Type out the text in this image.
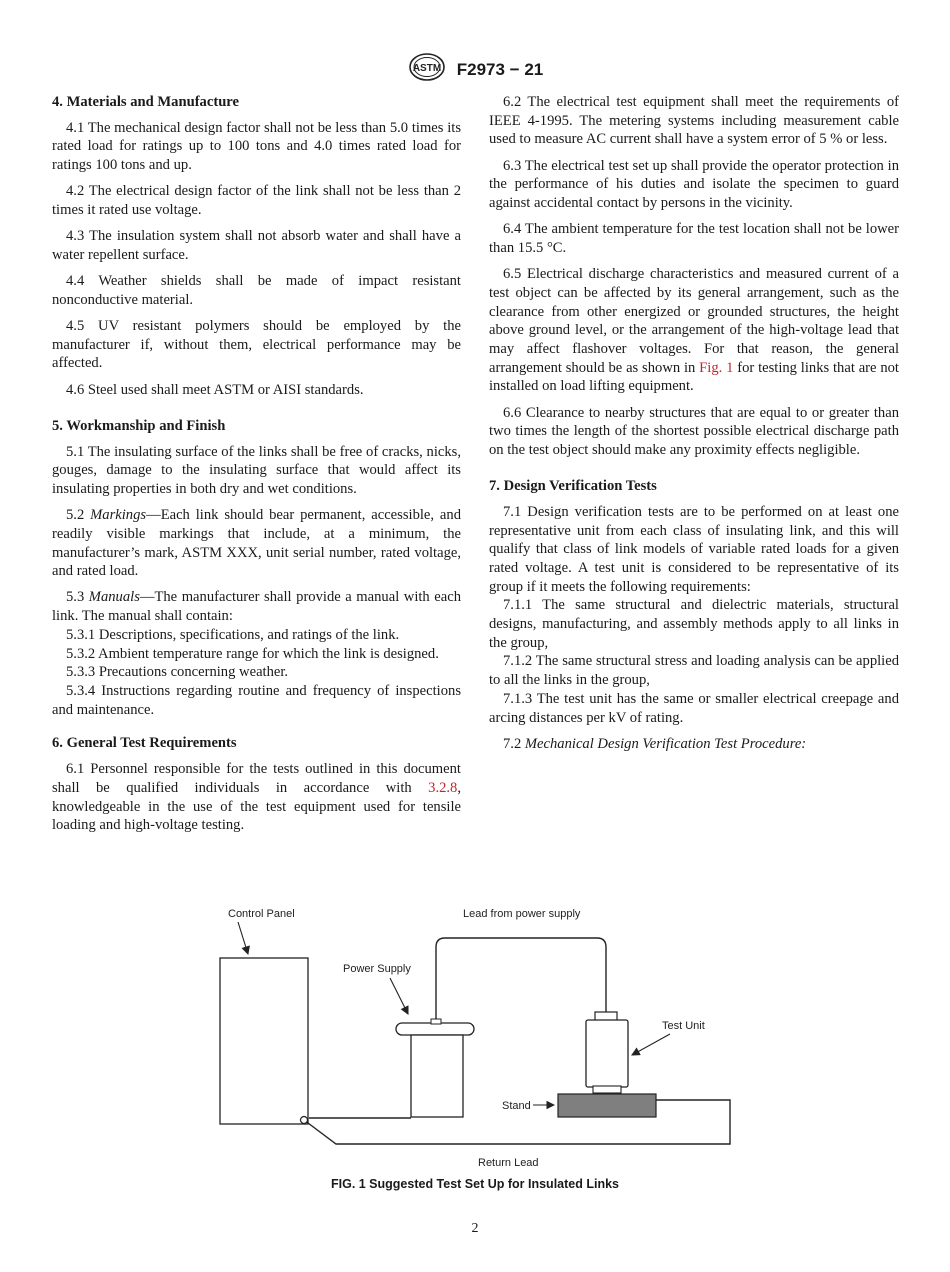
ASTM F2973 − 21
4. Materials and Manufacture

4.1 The mechanical design factor shall not be less than 5.0 times its rated load for ratings up to 100 tons and 4.0 times rated load for ratings 100 tons and up.

4.2 The electrical design factor of the link shall not be less than 2 times it rated use voltage.

4.3 The insulation system shall not absorb water and shall have a water repellent surface.

4.4 Weather shields shall be made of impact resistant nonconductive material.

4.5 UV resistant polymers should be employed by the manufacturer if, without them, electrical performance may be affected.

4.6 Steel used shall meet ASTM or AISI standards.

5. Workmanship and Finish

5.1 The insulating surface of the links shall be free of cracks, nicks, gouges, damage to the insulating surface that would affect its insulating properties in both dry and wet conditions.

5.2 Markings—Each link should bear permanent, accessible, and readily visible markings that include, at a minimum, the manufacturer’s mark, ASTM XXX, unit serial number, rated voltage, and rated load.

5.3 Manuals—The manufacturer shall provide a manual with each link. The manual shall contain:

5.3.1 Descriptions, specifications, and ratings of the link.

5.3.2 Ambient temperature range for which the link is designed.

5.3.3 Precautions concerning weather.

5.3.4 Instructions regarding routine and frequency of inspections and maintenance.

6. General Test Requirements

6.1 Personnel responsible for the tests outlined in this document shall be qualified individuals in accordance with 3.2.8, knowledgeable in the use of the test equipment used for tensile loading and high-voltage testing.

6.2 The electrical test equipment shall meet the requirements of IEEE 4-1995. The metering systems including measurement cable used to measure AC current shall have a system error of 5 % or less.

6.3 The electrical test set up shall provide the operator protection in the performance of his duties and isolate the specimen to guard against accidental contact by persons in the vicinity.

6.4 The ambient temperature for the test location shall not be lower than 15.5 °C.

6.5 Electrical discharge characteristics and measured current of a test object can be affected by its general arrangement, such as the clearance from other energized or grounded structures, the height above ground level, or the arrangement of the high-voltage lead that may affect flashover voltages. For that reason, the general arrangement should be as shown in Fig. 1 for testing links that are not installed on load lifting equipment.

6.6 Clearance to nearby structures that are equal to or greater than two times the length of the shortest possible electrical discharge path on the test object should make any proximity effects negligible.

7. Design Verification Tests

7.1 Design verification tests are to be performed on at least one representative unit from each class of insulating link, and this will qualify that class of link models of variable rated loads for a given rated voltage. A test unit is considered to be representative of its group if it meets the following requirements:

7.1.1 The same structural and dielectric materials, structural designs, manufacturing, and assembly methods apply to all links in the group,

7.1.2 The same structural stress and loading analysis can be applied to all the links in the group,

7.1.3 The test unit has the same or smaller electrical creepage and arcing distances per kV of rating.

7.2 Mechanical Design Verification Test Procedure:

Control Panel	Lead from power supply
Power Supply
Test Unit
Stand
Return Lead
FIG. 1 Suggested Test Set Up for Insulated Links
2
